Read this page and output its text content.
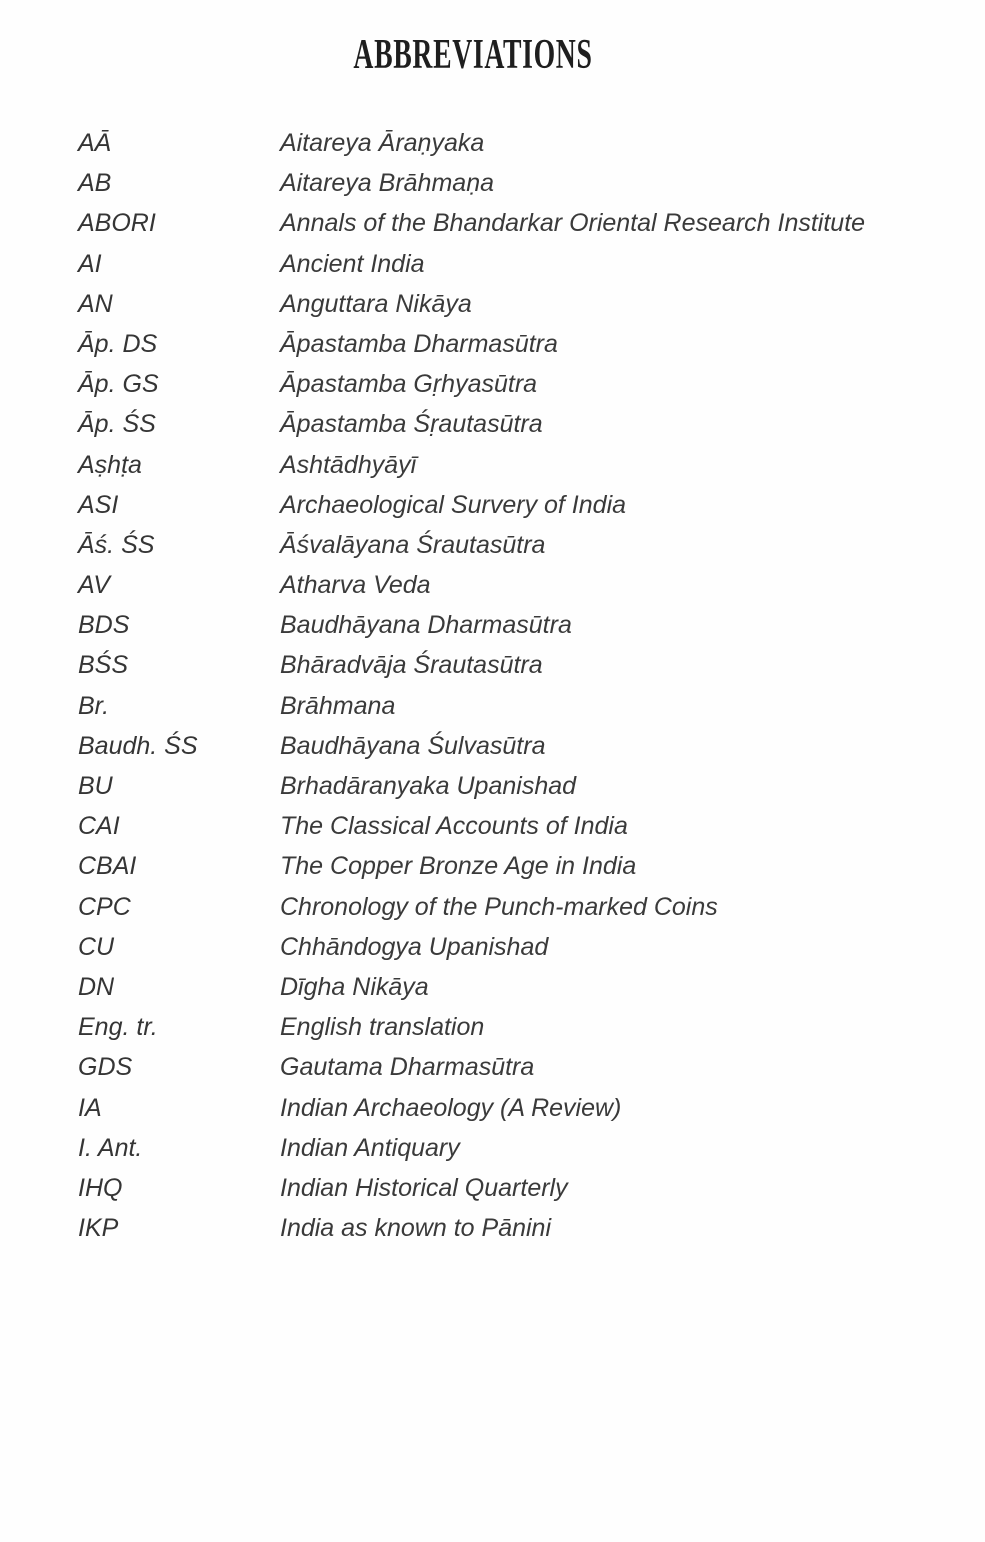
ABBREVIATIONS
AĀ	Aitareya Āraṇyaka
AB	Aitareya Brāhmaṇa
ABORI	Annals of the Bhandarkar Oriental Research Institute
AI	Ancient India
AN	Anguttara Nikāya
Āp. DS	Āpastamba Dharmasūtra
Āp. GS	Āpastamba Gṛhyasūtra
Āp. ŚS	Āpastamba Śṛautasūtra
Aṣhṭa	Ashtādhyāyī
ASI	Archaeological Survery of India
Āś. ŚS	Āśvalāyana Śrautasūtra
AV	Atharva Veda
BDS	Baudhāyana Dharmasūtra
BŚS	Bhāradvāja Śrautasūtra
Br.	Brāhmana
Baudh. ŚS	Baudhāyana Śulvasūtra
BU	Brhadāranyaka Upanishad
CAI	The Classical Accounts of India
CBAI	The Copper Bronze Age in India
CPC	Chronology of the Punch-marked Coins
CU	Chhāndogya Upanishad
DN	Dīgha Nikāya
Eng. tr.	English translation
GDS	Gautama Dharmasūtra
IA	Indian Archaeology (A Review)
I. Ant.	Indian Antiquary
IHQ	Indian Historical Quarterly
IKP	India as known to Pānini
